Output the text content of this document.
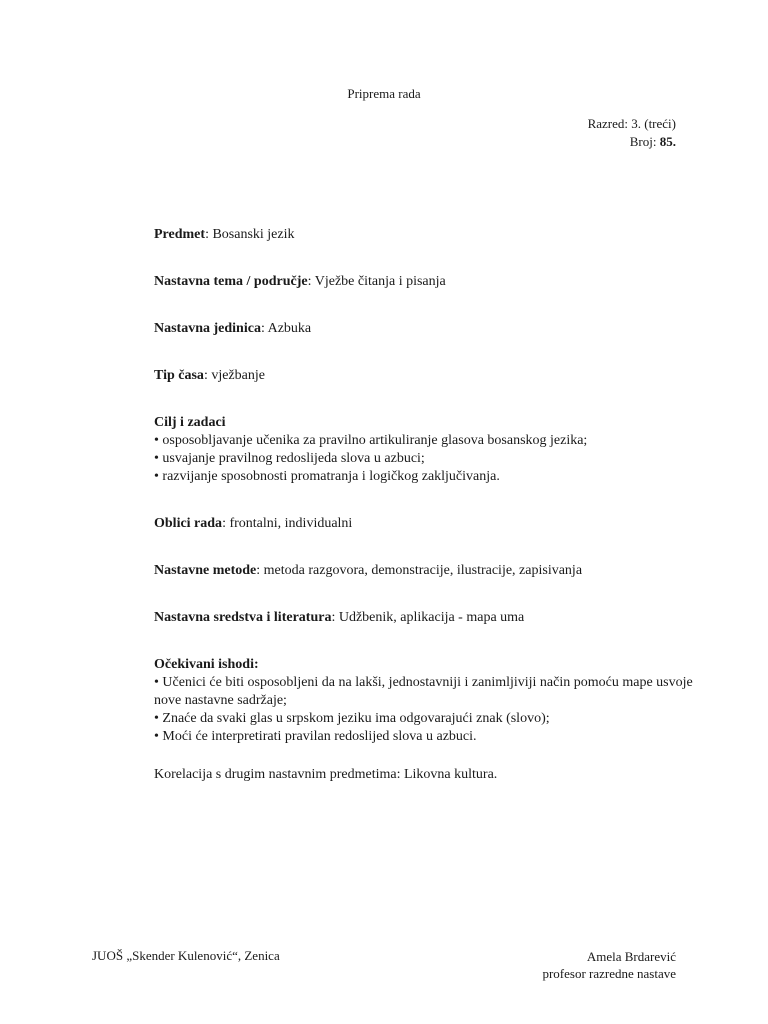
Priprema rada
Razred: 3. (treći)
Broj: 85.

Predmet: Bosanski jezik

Nastavna tema / područje: Vježbe čitanja i pisanja

Nastavna jedinica: Azbuka

Tip časa: vježbanje

Cilj i zadaci
• osposobljavanje učenika za pravilno artikuliranje glasova bosanskog jezika;
• usvajanje pravilnog redoslijeda slova u azbuci;
• razvijanje sposobnosti promatranja i logičkog zaključivanja.

Oblici rada: frontalni, individualni

Nastavne metode: metoda razgovora, demonstracije, ilustracije, zapisivanja

Nastavna sredstva i literatura: Udžbenik, aplikacija - mapa uma

Očekivani ishodi:
• Učenici će biti osposobljeni da na lakši, jednostavniji i zanimljiviji način pomoću mape usvoje nove nastavne sadržaje;
• Znaće da svaki glas u srpskom jeziku ima odgovarajući znak (slovo);
• Moći će interpretirati pravilan redoslijed slova u azbuci.

Korelacija s drugim nastavnim predmetima: Likovna kultura.

JUOŠ „Skender Kulenović“, Zenica	Amela Brdarević
profesor razredne nastave
